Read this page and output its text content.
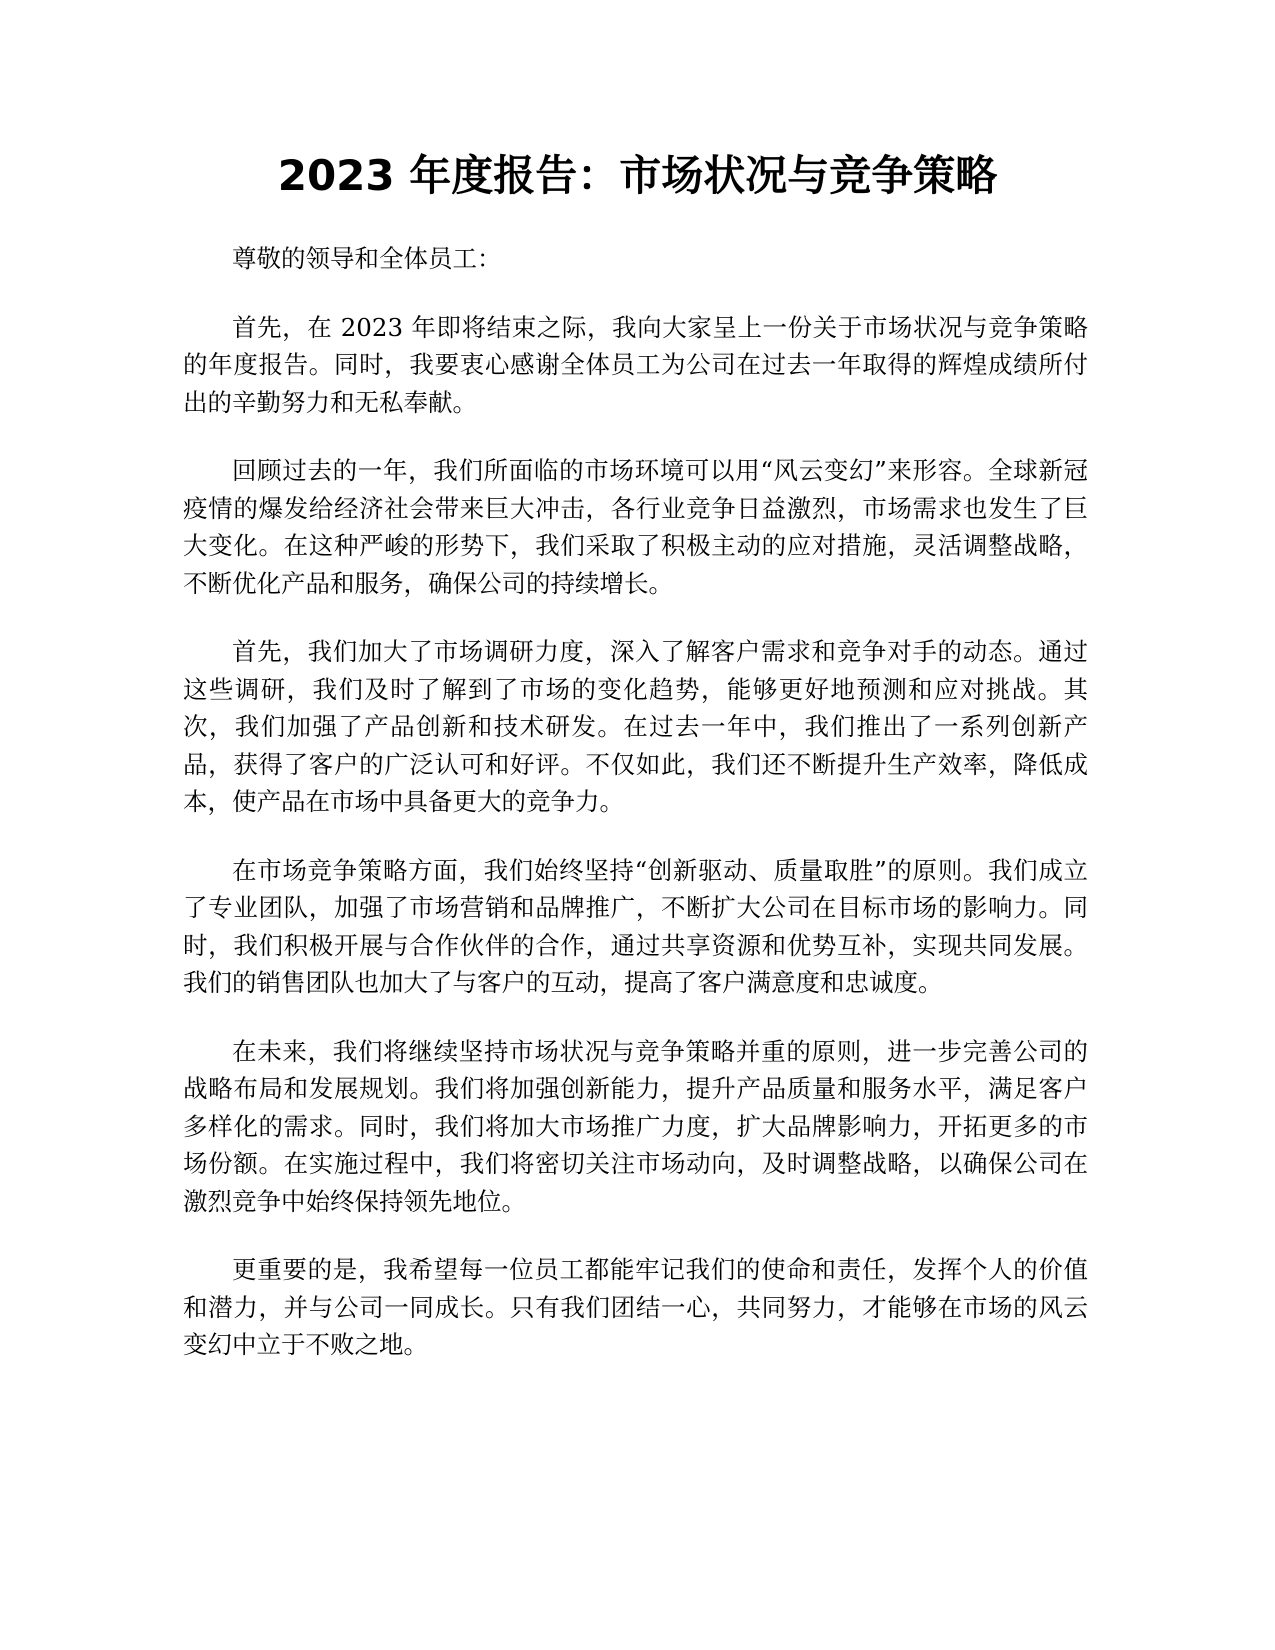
2023 年度报告：市场状况与竞争策略

尊敬的领导和全体员工：

首先，在 2023 年即将结束之际，我向大家呈上一份关于市场状况与竞争策略的年度报告。同时，我要衷心感谢全体员工为公司在过去一年取得的辉煌成绩所付出的辛勤努力和无私奉献。

回顾过去的一年，我们所面临的市场环境可以用“风云变幻”来形容。全球新冠疫情的爆发给经济社会带来巨大冲击，各行业竞争日益激烈，市场需求也发生了巨大变化。在这种严峻的形势下，我们采取了积极主动的应对措施，灵活调整战略，不断优化产品和服务，确保公司的持续增长。

首先，我们加大了市场调研力度，深入了解客户需求和竞争对手的动态。通过这些调研，我们及时了解到了市场的变化趋势，能够更好地预测和应对挑战。其次，我们加强了产品创新和技术研发。在过去一年中，我们推出了一系列创新产品，获得了客户的广泛认可和好评。不仅如此，我们还不断提升生产效率，降低成本，使产品在市场中具备更大的竞争力。

在市场竞争策略方面，我们始终坚持“创新驱动、质量取胜”的原则。我们成立了专业团队，加强了市场营销和品牌推广，不断扩大公司在目标市场的影响力。同时，我们积极开展与合作伙伴的合作，通过共享资源和优势互补，实现共同发展。我们的销售团队也加大了与客户的互动，提高了客户满意度和忠诚度。

在未来，我们将继续坚持市场状况与竞争策略并重的原则，进一步完善公司的战略布局和发展规划。我们将加强创新能力，提升产品质量和服务水平，满足客户多样化的需求。同时，我们将加大市场推广力度，扩大品牌影响力，开拓更多的市场份额。在实施过程中，我们将密切关注市场动向，及时调整战略，以确保公司在激烈竞争中始终保持领先地位。

更重要的是，我希望每一位员工都能牢记我们的使命和责任，发挥个人的价值和潜力，并与公司一同成长。只有我们团结一心，共同努力，才能够在市场的风云变幻中立于不败之地。
